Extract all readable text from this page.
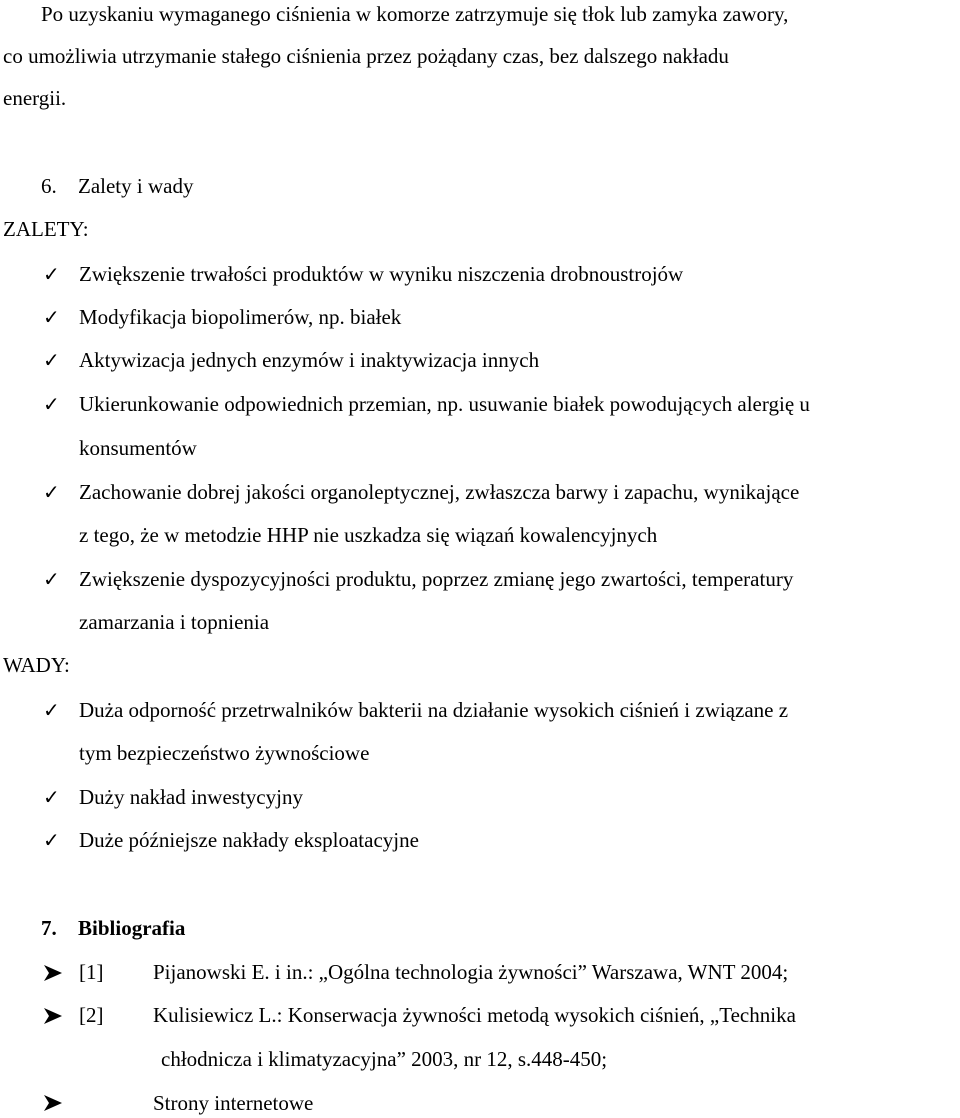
Po uzyskaniu wymaganego ciśnienia w komorze zatrzymuje się tłok lub zamyka zawory,
co umożliwia utrzymanie stałego ciśnienia przez pożądany czas, bez dalszego nakładu
energii.
6. Zalety i wady
ZALETY:
✓ Zwiększenie trwałości produktów w wyniku niszczenia drobnoustrojów
✓ Modyfikacja biopolimerów, np. białek
✓ Aktywizacja jednych enzymów i inaktywizacja innych
✓ Ukierunkowanie odpowiednich przemian, np. usuwanie białek powodujących alergię u
konsumentów
✓ Zachowanie dobrej jakości organoleptycznej, zwłaszcza barwy i zapachu, wynikające
z tego, że w metodzie HHP nie uszkadza się wiązań kowalencyjnych
✓ Zwiększenie dyspozycyjności produktu, poprzez zmianę jego zwartości, temperatury
zamarzania i topnienia
WADY:
✓ Duża odporność przetrwalników bakterii na działanie wysokich ciśnień i związane z
tym bezpieczeństwo żywnościowe
✓ Duży nakład inwestycyjny
✓ Duże późniejsze nakłady eksploatacyjne
7. Bibliografia
[1] Pijanowski E. i in.: „Ogólna technologia żywności” Warszawa, WNT 2004;
[2] Kulisiewicz L.: Konserwacja żywności metodą wysokich ciśnień, „Technika
chłodnicza i klimatyzacyjna” 2003, nr 12, s.448-450;
Strony internetowe
